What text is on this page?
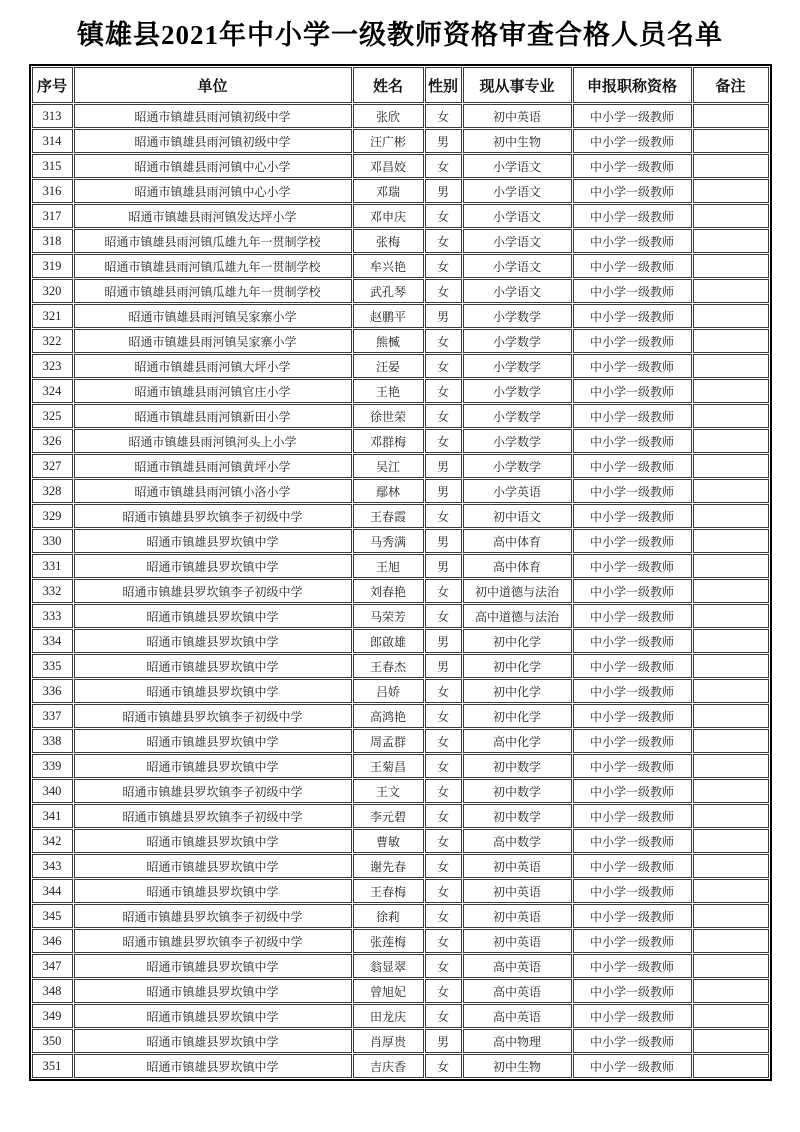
镇雄县2021年中小学一级教师资格审查合格人员名单
序号	单位	姓名	性别	现从事专业	申报职称资格	备注
313	昭通市镇雄县雨河镇初级中学	张欣	女	初中英语	中小学一级教师	
314	昭通市镇雄县雨河镇初级中学	汪广彬	男	初中生物	中小学一级教师	
315	昭通市镇雄县雨河镇中心小学	邓昌姣	女	小学语文	中小学一级教师	
316	昭通市镇雄县雨河镇中心小学	邓瑞	男	小学语文	中小学一级教师	
317	昭通市镇雄县雨河镇发达坪小学	邓申庆	女	小学语文	中小学一级教师	
318	昭通市镇雄县雨河镇瓜雄九年一贯制学校	张梅	女	小学语文	中小学一级教师	
319	昭通市镇雄县雨河镇瓜雄九年一贯制学校	牟兴艳	女	小学语文	中小学一级教师	
320	昭通市镇雄县雨河镇瓜雄九年一贯制学校	武孔琴	女	小学语文	中小学一级教师	
321	昭通市镇雄县雨河镇吴家寨小学	赵鹏平	男	小学数学	中小学一级教师	
322	昭通市镇雄县雨河镇吴家寨小学	熊楲	女	小学数学	中小学一级教师	
323	昭通市镇雄县雨河镇大坪小学	汪晏	女	小学数学	中小学一级教师	
324	昭通市镇雄县雨河镇官庄小学	王艳	女	小学数学	中小学一级教师	
325	昭通市镇雄县雨河镇新田小学	徐世荣	女	小学数学	中小学一级教师	
326	昭通市镇雄县雨河镇河头上小学	邓群梅	女	小学数学	中小学一级教师	
327	昭通市镇雄县雨河镇黄坪小学	吴江	男	小学数学	中小学一级教师	
328	昭通市镇雄县雨河镇小洛小学	鄢林	男	小学英语	中小学一级教师	
329	昭通市镇雄县罗坎镇李子初级中学	王春霞	女	初中语文	中小学一级教师	
330	昭通市镇雄县罗坎镇中学	马秀满	男	高中体育	中小学一级教师	
331	昭通市镇雄县罗坎镇中学	王旭	男	高中体育	中小学一级教师	
332	昭通市镇雄县罗坎镇李子初级中学	刘春艳	女	初中道德与法治	中小学一级教师	
333	昭通市镇雄县罗坎镇中学	马荣芳	女	高中道德与法治	中小学一级教师	
334	昭通市镇雄县罗坎镇中学	郎啟雄	男	初中化学	中小学一级教师	
335	昭通市镇雄县罗坎镇中学	王春杰	男	初中化学	中小学一级教师	
336	昭通市镇雄县罗坎镇中学	吕娇	女	初中化学	中小学一级教师	
337	昭通市镇雄县罗坎镇李子初级中学	高鸿艳	女	初中化学	中小学一级教师	
338	昭通市镇雄县罗坎镇中学	周孟群	女	高中化学	中小学一级教师	
339	昭通市镇雄县罗坎镇中学	王菊昌	女	初中数学	中小学一级教师	
340	昭通市镇雄县罗坎镇李子初级中学	王文	女	初中数学	中小学一级教师	
341	昭通市镇雄县罗坎镇李子初级中学	李元碧	女	初中数学	中小学一级教师	
342	昭通市镇雄县罗坎镇中学	曹敏	女	高中数学	中小学一级教师	
343	昭通市镇雄县罗坎镇中学	谢先春	女	初中英语	中小学一级教师	
344	昭通市镇雄县罗坎镇中学	王春梅	女	初中英语	中小学一级教师	
345	昭通市镇雄县罗坎镇李子初级中学	徐莉	女	初中英语	中小学一级教师	
346	昭通市镇雄县罗坎镇李子初级中学	张莲梅	女	初中英语	中小学一级教师	
347	昭通市镇雄县罗坎镇中学	翁显翠	女	高中英语	中小学一级教师	
348	昭通市镇雄县罗坎镇中学	曾旭妃	女	高中英语	中小学一级教师	
349	昭通市镇雄县罗坎镇中学	田龙庆	女	高中英语	中小学一级教师	
350	昭通市镇雄县罗坎镇中学	肖厚贵	男	高中物理	中小学一级教师	
351	昭通市镇雄县罗坎镇中学	吉庆香	女	初中生物	中小学一级教师	
